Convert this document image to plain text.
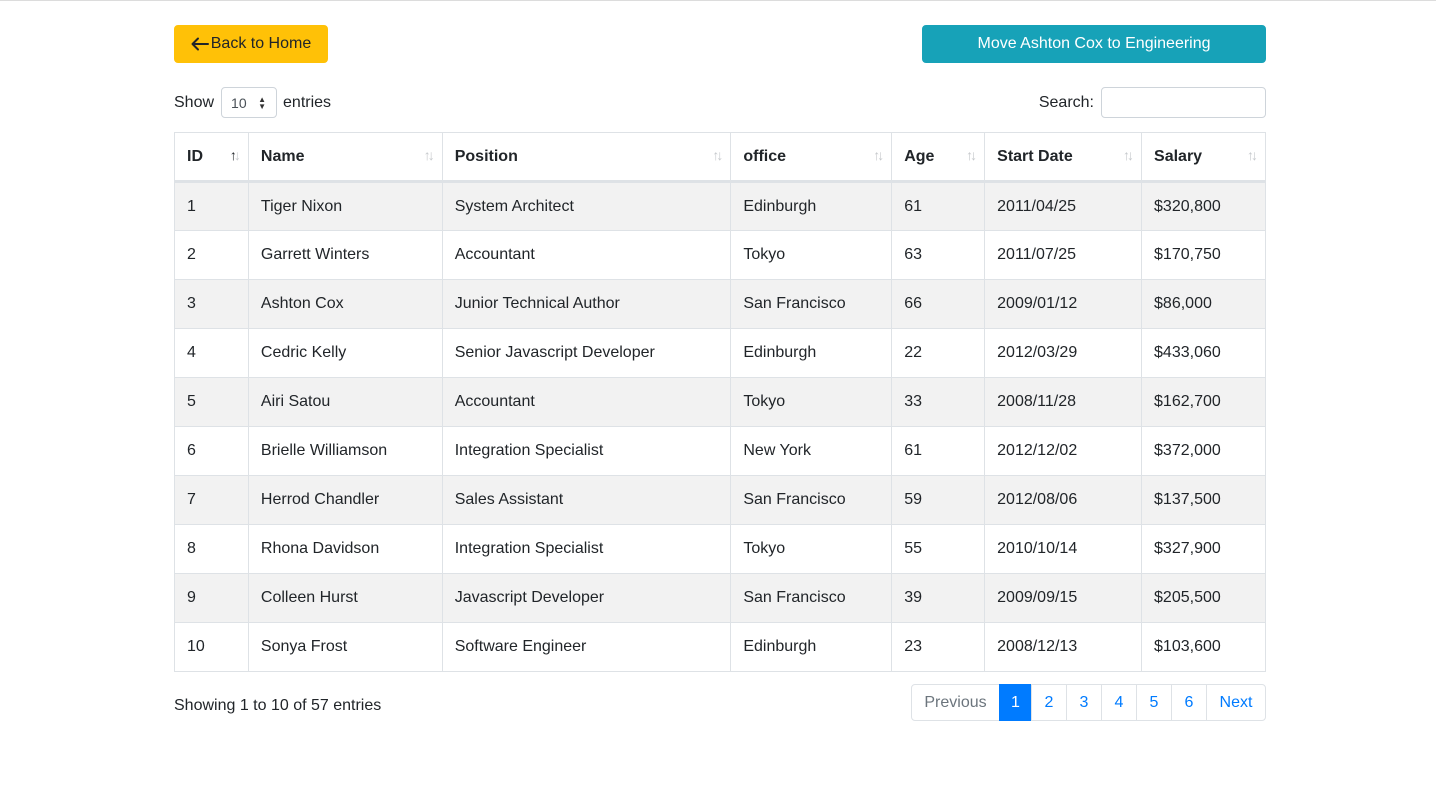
Back to Home	Move Ashton Cox to Engineering
Show 10 ▲
▼ entries	Search:
ID ↑↓	Name ↑↓	Position ↑↓	office ↑↓	Age ↑↓	Start Date ↑↓	Salary ↑↓

1	Tiger Nixon	System Architect	Edinburgh	61	2011/04/25	$320,800
2	Garrett Winters	Accountant	Tokyo	63	2011/07/25	$170,750
3	Ashton Cox	Junior Technical Author	San Francisco	66	2009/01/12	$86,000
4	Cedric Kelly	Senior Javascript Developer	Edinburgh	22	2012/03/29	$433,060
5	Airi Satou	Accountant	Tokyo	33	2008/11/28	$162,700
6	Brielle Williamson	Integration Specialist	New York	61	2012/12/02	$372,000
7	Herrod Chandler	Sales Assistant	San Francisco	59	2012/08/06	$137,500
8	Rhona Davidson	Integration Specialist	Tokyo	55	2010/10/14	$327,900
9	Colleen Hurst	Javascript Developer	San Francisco	39	2009/09/15	$205,500
10	Sonya Frost	Software Engineer	Edinburgh	23	2008/12/13	$103,600
Showing 1 to 10 of 57 entries	Previous	1	2	3	4	5	6	Next
